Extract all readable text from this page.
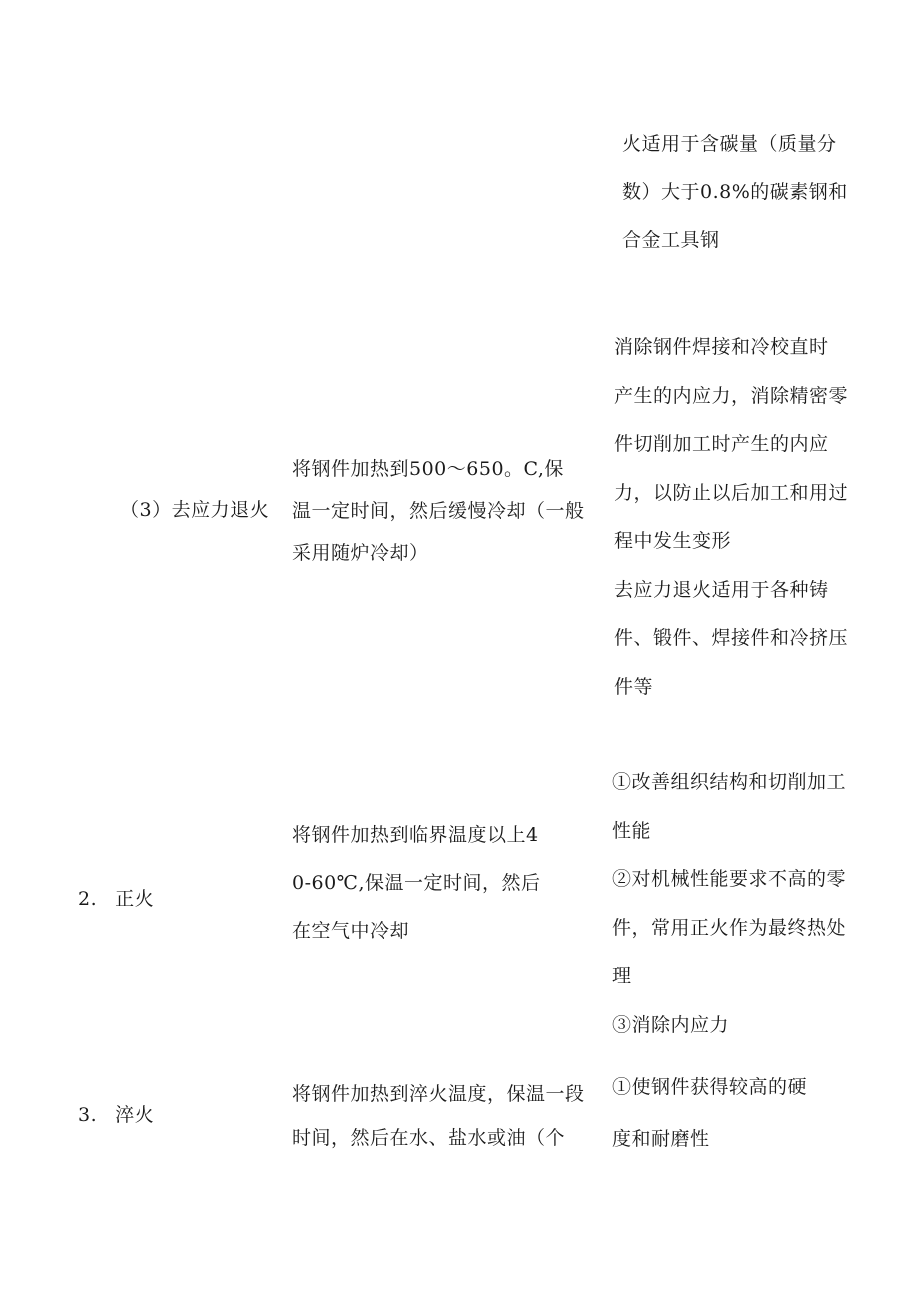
火适用于含碳量（质量分
数）大于0.8%的碳素钢和
合金工具钢
（3）去应力退火
将钢件加热到500～650。C,保
温一定时间，然后缓慢冷却（一般
采用随炉冷却）
消除钢件焊接和冷校直时
产生的内应力，消除精密零
件切削加工时产生的内应
力，以防止以后加工和用过
程中发生变形
去应力退火适用于各种铸
件、锻件、焊接件和冷挤压
件等
2. 正火
将钢件加热到临界温度以上4
0-60℃,保温一定时间，然后
在空气中冷却
①改善组织结构和切削加工
性能
②对机械性能要求不高的零
件，常用正火作为最终热处
理
③消除内应力
3. 淬火
将钢件加热到淬火温度，保温一段
时间，然后在水、盐水或油（个
①使钢件获得较高的硬
度和耐磨性
